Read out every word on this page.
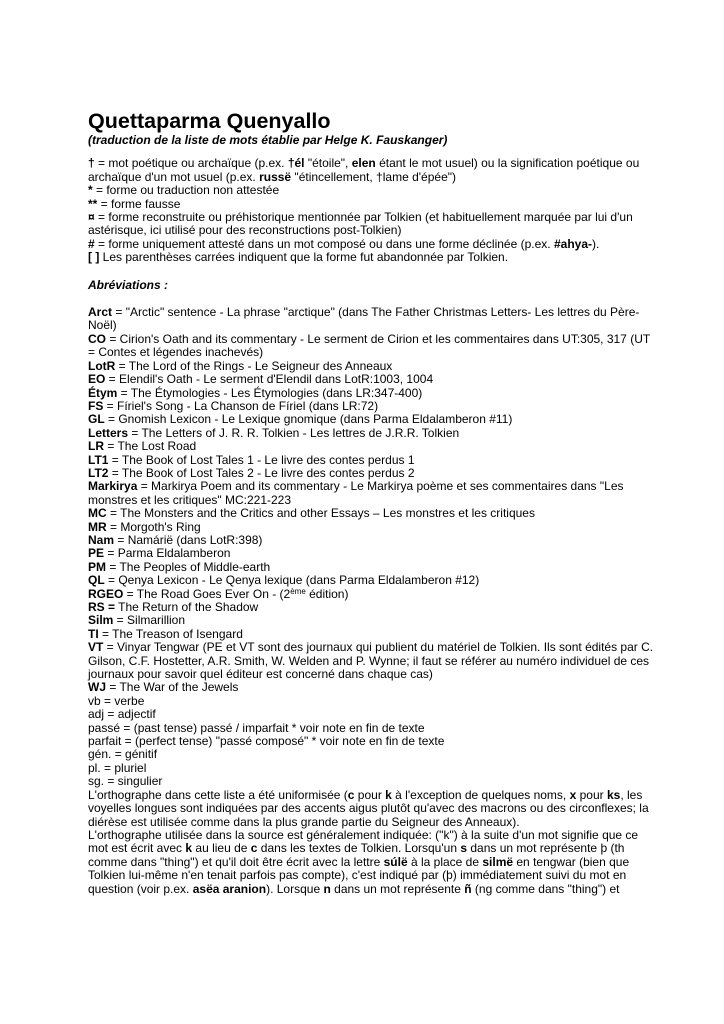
Quettaparma Quenyallo

(traduction de la liste de mots établie par Helge K. Fauskanger)

† = mot poétique ou archaïque (p.ex. †él "étoile", elen étant le mot usuel) ou la signification poétique ou archaïque d'un mot usuel (p.ex. russë "étincellement, †lame d'épée")

* = forme ou traduction non attestée

** = forme fausse

¤ = forme reconstruite ou préhistorique mentionnée par Tolkien (et habituellement marquée par lui d'un astérisque, ici utilisé pour des reconstructions post-Tolkien)

# = forme uniquement attesté dans un mot composé ou dans une forme déclinée (p.ex. #ahya-).

[ ] Les parenthèses carrées indiquent que la forme fut abandonnée par Tolkien.

Abréviations :

Arct = "Arctic" sentence - La phrase "arctique" (dans The Father Christmas Letters- Les lettres du Père-Noël)

CO = Cirion's Oath and its commentary - Le serment de Cirion et les commentaires dans UT:305, 317 (UT = Contes et légendes inachevés)

LotR = The Lord of the Rings - Le Seigneur des Anneaux

EO = Elendil's Oath - Le serment d'Elendil dans LotR:1003, 1004

Étym = The Étymologies - Les Étymologies (dans LR:347-400)

FS = Fíriel's Song - La Chanson de Fíriel (dans LR:72)

GL = Gnomish Lexicon - Le Lexique gnomique (dans Parma Eldalamberon #11)

Letters = The Letters of J. R. R. Tolkien - Les lettres de J.R.R. Tolkien

LR = The Lost Road

LT1 = The Book of Lost Tales 1 - Le livre des contes perdus 1

LT2 = The Book of Lost Tales 2 - Le livre des contes perdus 2

Markirya = Markirya Poem and its commentary - Le Markirya poème et ses commentaires dans "Les monstres et les critiques" MC:221-223

MC = The Monsters and the Critics and other Essays – Les monstres et les critiques

MR = Morgoth's Ring

Nam = Namárië (dans LotR:398)

PE = Parma Eldalamberon

PM = The Peoples of Middle-earth

QL = Qenya Lexicon - Le Qenya lexique (dans Parma Eldalamberon #12)

RGEO = The Road Goes Ever On - (2ème édition)

RS = The Return of the Shadow

Silm = Silmarillion

TI = The Treason of Isengard

VT = Vinyar Tengwar (PE et VT sont des journaux qui publient du matériel de Tolkien. Ils sont édités par C. Gilson, C.F. Hostetter, A.R. Smith, W. Welden and P. Wynne; il faut se référer au numéro individuel de ces journaux pour savoir quel éditeur est concerné dans chaque cas)

WJ = The War of the Jewels

vb = verbe

adj = adjectif

passé = (past tense) passé / imparfait * voir note en fin de texte

parfait = (perfect tense) "passé composé" * voir note en fin de texte

gén. = génitif

pl. = pluriel

sg. = singulier

L'orthographe dans cette liste a été uniformisée (c pour k à l'exception de quelques noms, x pour ks, les voyelles longues sont indiquées par des accents aigus plutôt qu'avec des macrons ou des circonflexes; la diérèse est utilisée comme dans la plus grande partie du Seigneur des Anneaux).

L'orthographe utilisée dans la source est généralement indiquée: ("k") à la suite d'un mot signifie que ce mot est écrit avec k au lieu de c dans les textes de Tolkien. Lorsqu'un s dans un mot représente þ (th comme dans "thing") et qu'il doit être écrit avec la lettre súlë à la place de silmë en tengwar (bien que Tolkien lui-même n'en tenait parfois pas compte), c'est indiqué par (þ) immédiatement suivi du mot en question (voir p.ex. asëa aranion). Lorsque n dans un mot représente ñ (ng comme dans "thing") et
